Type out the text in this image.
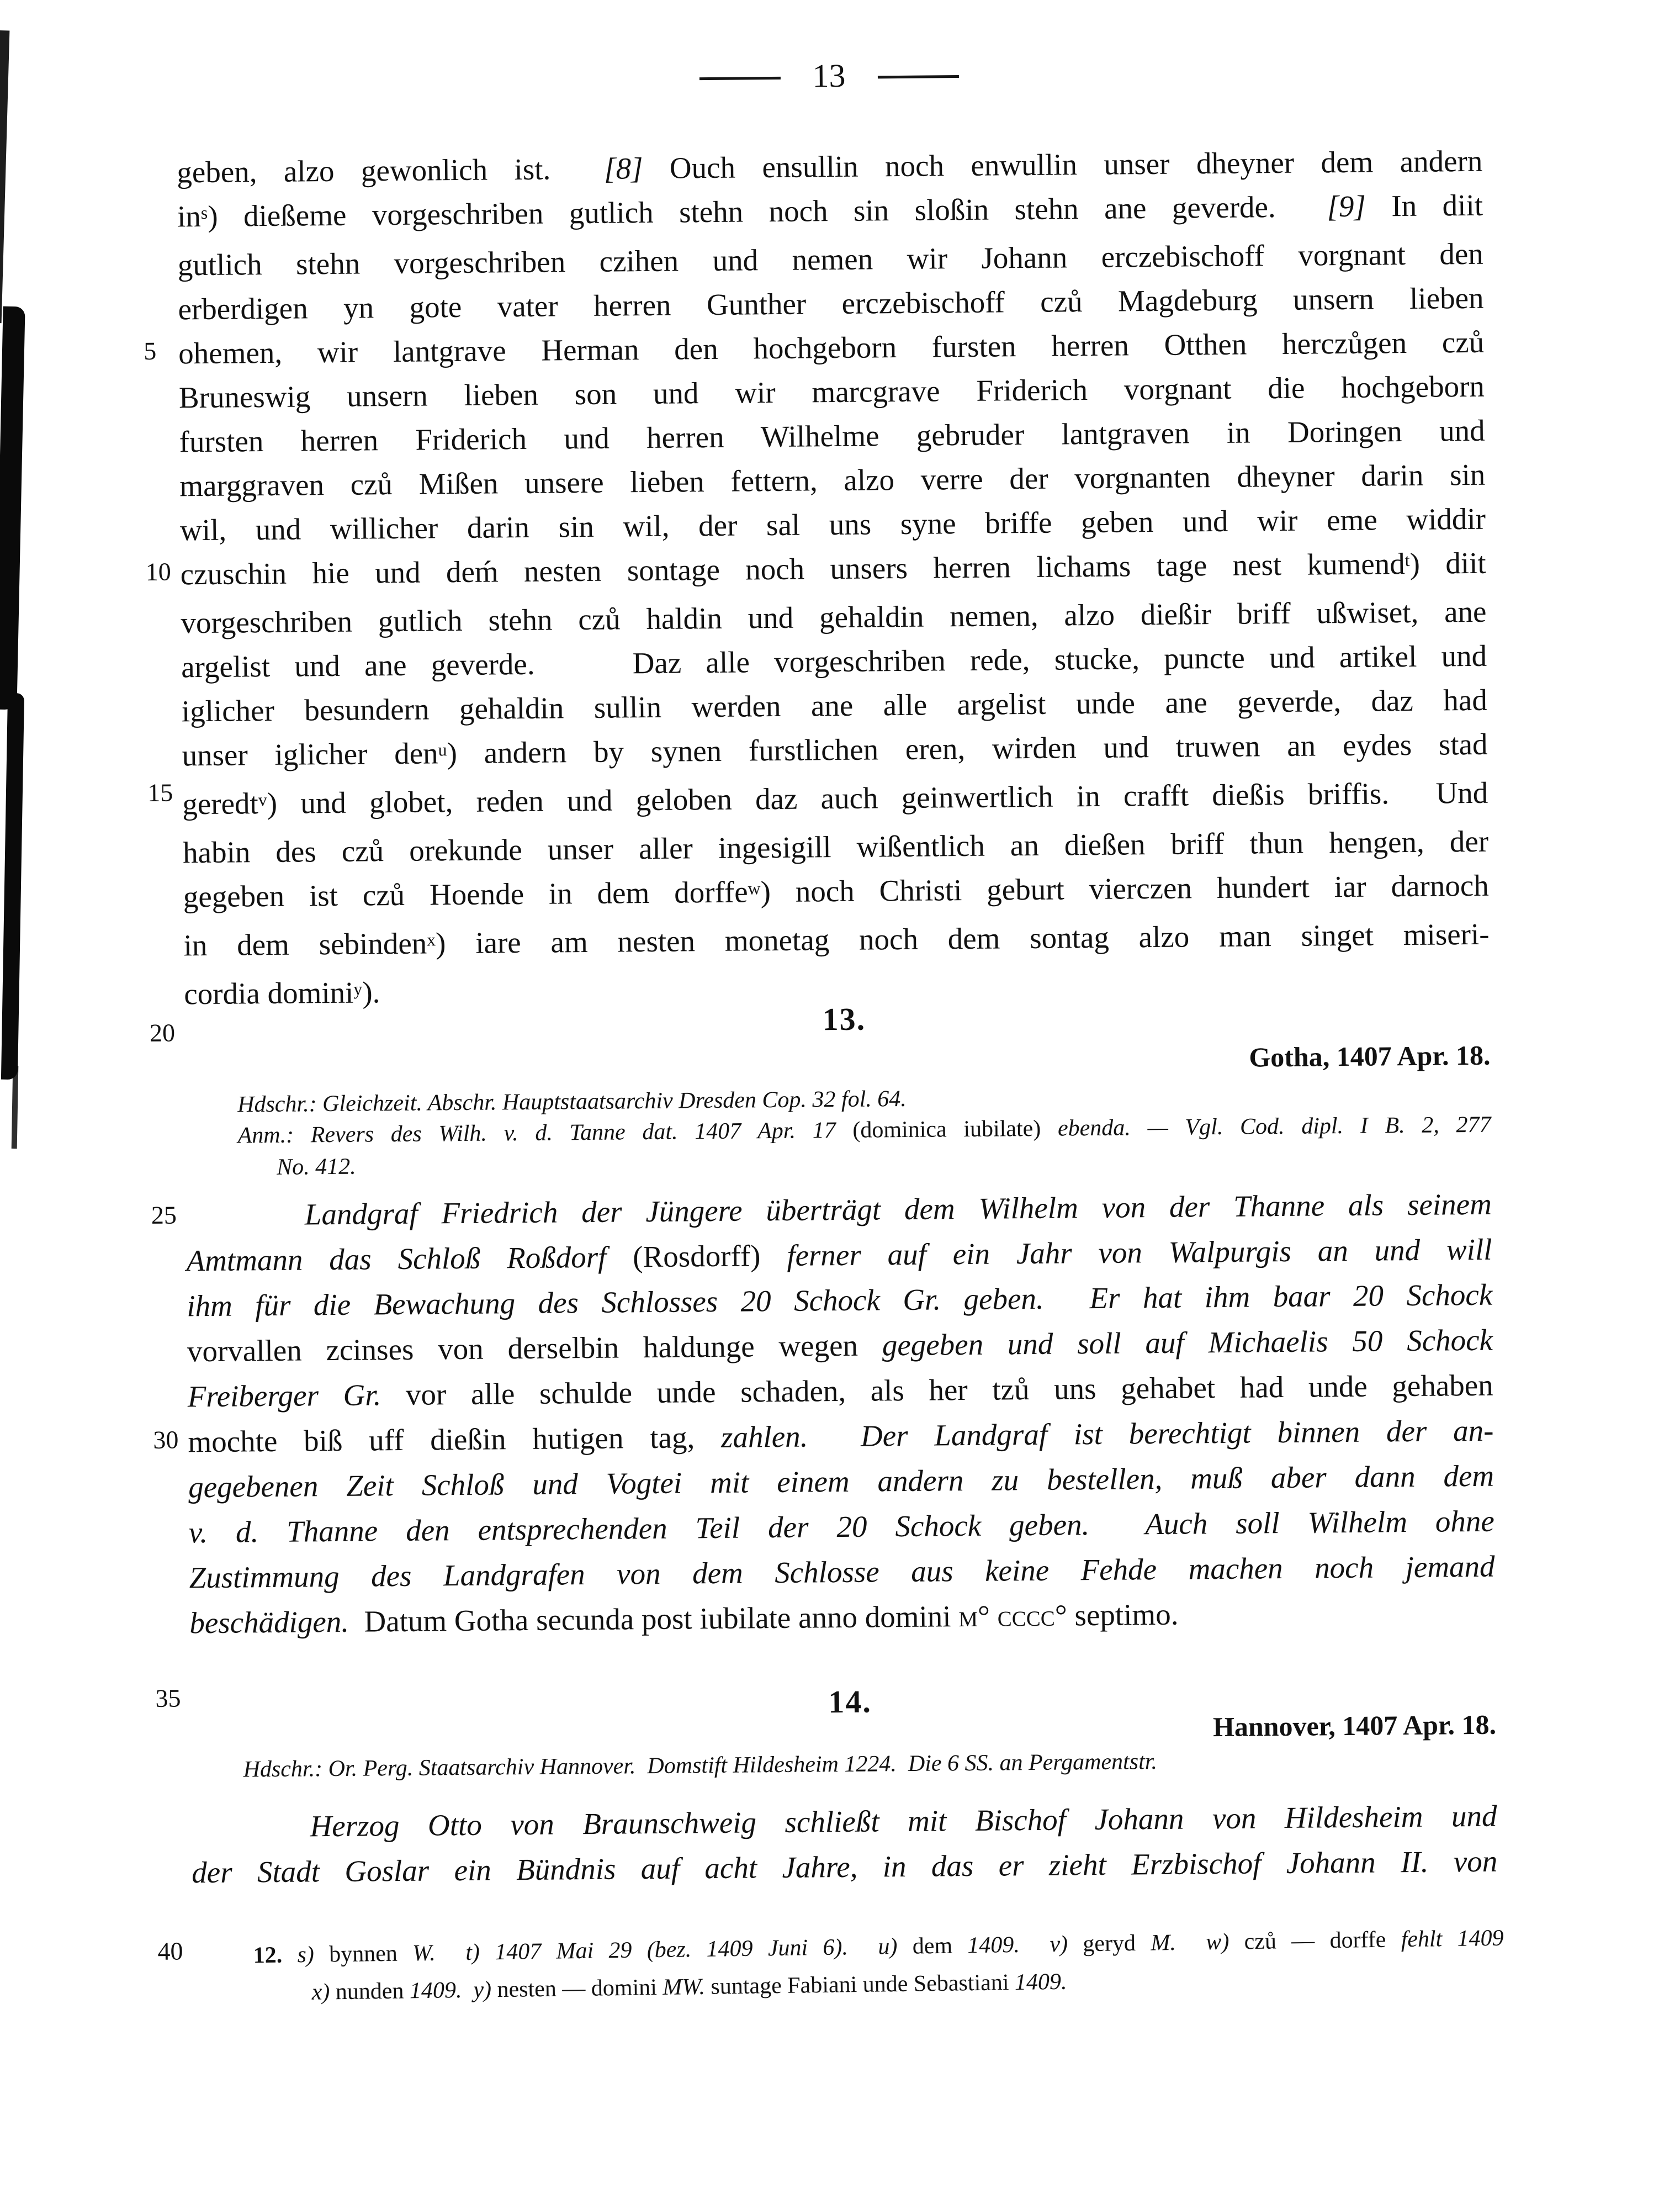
13
5
10
15
20
25
30
35
40
geben, alzo gewonlich ist.  [8] Ouch ensullin noch enwullin unser dheyner dem andern
$in^s$) dießeme vorgeschriben gutlich stehn noch sin sloßin stehn ane geverde.  [9] In diit
gutlich stehn vorgeschriben czihen und nemen wir Johann erczebischoff vorgnant den
erberdigen yn gote vater herren Gunther erczebischoff czů Magdeburg unsern lieben
ohemen, wir lantgrave Herman den hochgeborn fursten herren Otthen herczůgen czů
Bruneswig unsern lieben son und wir marcgrave Friderich vorgnant die hochgeborn
fursten herren Friderich und herren Wilhelme gebruder lantgraven in Doringen und
marggraven czů Mißen unsere lieben fettern, alzo verre der vorgnanten dheyner darin sin
wil, und willicher darin sin wil, der sal uns syne briffe geben und wir eme widdir
czuschin hie und deḿ nesten sontage noch unsers herren lichams tage nest kumend$^t$) diit
vorgeschriben gutlich stehn czů haldin und gehaldin nemen, alzo dießir briff ußwiset, ane
argelist und ane geverde.    Daz alle vorgeschriben rede, stucke, puncte und artikel und
iglicher besundern gehaldin sullin werden ane alle argelist unde ane geverde, daz had
unser iglicher den$^u$) andern by synen furstlichen eren, wirden und truwen an eydes stad
geredt$^v$) und globet, reden und geloben daz auch geinwertlich in crafft dießis briffis.  Und
habin des czů orekunde unser aller ingesigill wißentlich an dießen briff thun hengen, der
gegeben ist czů Hoende in dem dorffe$^w$) noch Christi geburt vierczen hundert iar darnoch
in dem sebinden$^x$) iare am nesten monetag noch dem sontag alzo man singet miseri-
cordia domini$^y$).
13.
Gotha, 1407 Apr. 18.
Hdschr.: Gleichzeit. Abschr. Hauptstaatsarchiv Dresden Cop. 32 fol. 64.
Anm.: Revers des Wilh. v. d. Tanne dat. 1407 Apr. 17 (dominica iubilate) ebenda. — Vgl. Cod. dipl. I B. 2, 277
No. 412.
Landgraf Friedrich der Jüngere überträgt dem Wilhelm von der Thanne als seinem
Amtmann das Schloß Roßdorf (Rosdorff) ferner auf ein Jahr von Walpurgis an und will
ihm für die Bewachung des Schlosses 20 Schock Gr. geben.  Er hat ihm baar 20 Schock
vorvallen zcinses von derselbin haldunge wegen gegeben und soll auf Michaelis 50 Schock
Freiberger Gr. vor alle schulde unde schaden, als her tzů uns gehabet had unde gehaben
mochte biß uff dießin hutigen tag, zahlen.  Der Landgraf ist berechtigt binnen der an-
gegebenen Zeit Schloß und Vogtei mit einem andern zu bestellen, muß aber dann dem
v. d. Thanne den entsprechenden Teil der 20 Schock geben.  Auch soll Wilhelm ohne
Zustimmung des Landgrafen von dem Schlosse aus keine Fehde machen noch jemand
beschädigen.  Datum Gotha secunda post iubilate anno domini m° cccc° septimo.
14.
Hannover, 1407 Apr. 18.
Hdschr.: Or. Perg. Staatsarchiv Hannover.  Domstift Hildesheim 1224.  Die 6 SS. an Pergamentstr.
Herzog Otto von Braunschweig schließt mit Bischof Johann von Hildesheim und
der Stadt Goslar ein Bündnis auf acht Jahre, in das er zieht Erzbischof Johann II. von
12. s) bynnen W. t) 1407 Mai 29 (bez. 1409 Juni 6). u) dem 1409. v) geryd M. w) czů — dorffe fehlt 1409
x) nunden 1409. y) nesten — domini MW. suntage Fabiani unde Sebastiani 1409.
